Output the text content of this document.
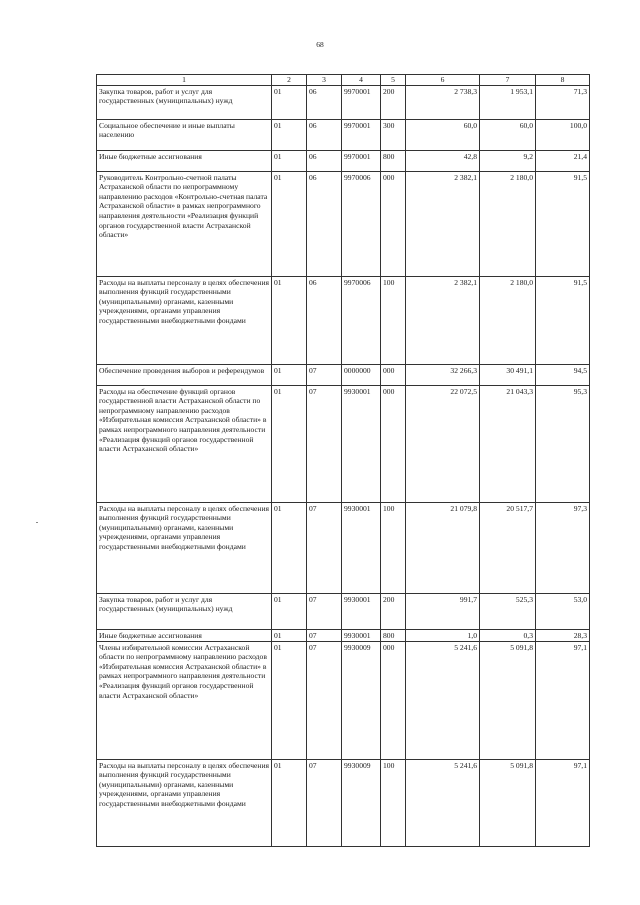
68
1	2	3	4	5	6	7	8
Закупка товаров, работ и услуг для государственных (муниципальных) нужд	01	06	9970001	200	2 738,3	1 953,1	71,3
Социальное обеспечение и иные выплаты населению	01	06	9970001	300	60,0	60,0	100,0
Иные бюджетные ассигнования	01	06	9970001	800	42,8	9,2	21,4
Руководитель Контрольно-счетной палаты Астраханской области по непрограммному направлению расходов «Контрольно-счетная палата Астраханской области» в рамках непрограммного направления деятельности «Реализация функций органов государственной власти Астраханской области»	01	06	9970006	000	2 382,1	2 180,0	91,5
Расходы на выплаты персоналу в целях обеспечения выполнения функций государственными (муниципальными) органами, казенными учреждениями, органами управления государственными внебюджетными фондами	01	06	9970006	100	2 382,1	2 180,0	91,5
Обеспечение проведения выборов и референдумов	01	07	0000000	000	32 266,3	30 491,1	94,5
Расходы на обеспечение функций органов государственной власти Астраханской области по непрограммному направлению расходов «Избирательная комиссия Астраханской области» в рамках непрограммного направления деятельности «Реализация функций органов государственной власти Астраханской области»	01	07	9930001	000	22 072,5	21 043,3	95,3
Расходы на выплаты персоналу в целях обеспечения выполнения функций государственными (муниципальными) органами, казенными учреждениями, органами управления государственными внебюджетными фондами	01	07	9930001	100	21 079,8	20 517,7	97,3
Закупка товаров, работ и услуг для государственных (муниципальных) нужд	01	07	9930001	200	991,7	525,3	53,0
Иные бюджетные ассигнования	01	07	9930001	800	1,0	0,3	28,3
Члены избирательной комиссии Астраханской области по непрограммному направлению расходов «Избирательная комиссия Астраханской области» в рамках непрограммного направления деятельности «Реализация функций органов государственной власти Астраханской области»	01	07	9930009	000	5 241,6	5 091,8	97,1
Расходы на выплаты персоналу в целях обеспечения выполнения функций государственными (муниципальными) органами, казенными учреждениями, органами управления государственными внебюджетными фондами	01	07	9930009	100	5 241,6	5 091,8	97,1
